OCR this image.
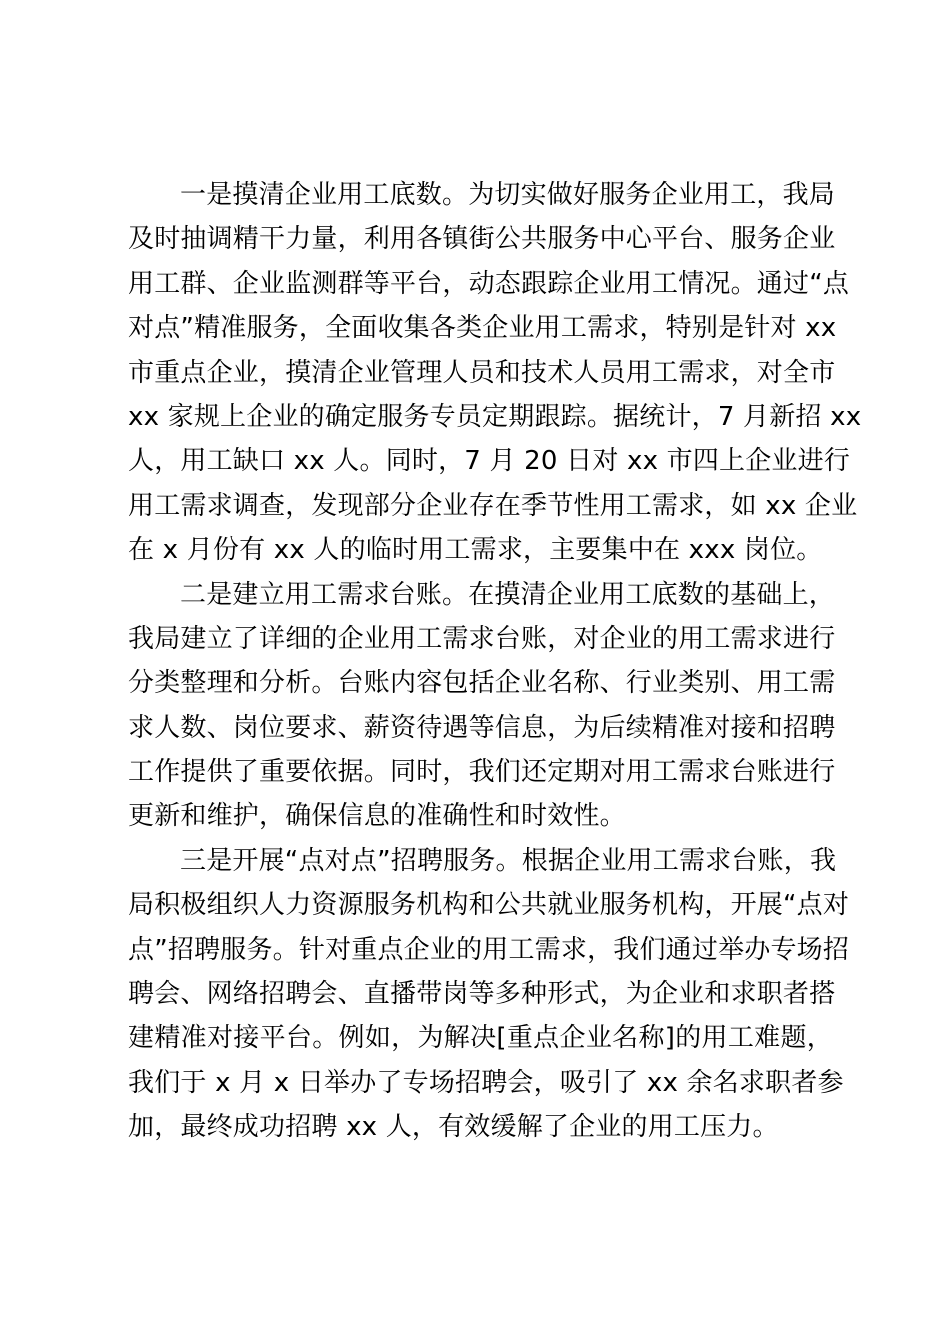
一是摸清企业用工底数。为切实做好服务企业用工，我局
及时抽调精干力量，利用各镇街公共服务中心平台、服务企业
用工群、企业监测群等平台，动态跟踪企业用工情况。通过“点
对点”精准服务，全面收集各类企业用工需求，特别是针对 xx
市重点企业，摸清企业管理人员和技术人员用工需求，对全市
xx 家规上企业的确定服务专员定期跟踪。据统计，7 月新招 xx
人，用工缺口 xx 人。同时，7 月 20 日对 xx 市四上企业进行
用工需求调查，发现部分企业存在季节性用工需求，如 xx 企业
在 x 月份有 xx 人的临时用工需求，主要集中在 xxx 岗位。
二是建立用工需求台账。在摸清企业用工底数的基础上，
我局建立了详细的企业用工需求台账，对企业的用工需求进行
分类整理和分析。台账内容包括企业名称、行业类别、用工需
求人数、岗位要求、薪资待遇等信息，为后续精准对接和招聘
工作提供了重要依据。同时，我们还定期对用工需求台账进行
更新和维护，确保信息的准确性和时效性。
三是开展“点对点”招聘服务。根据企业用工需求台账，我
局积极组织人力资源服务机构和公共就业服务机构，开展“点对
点”招聘服务。针对重点企业的用工需求，我们通过举办专场招
聘会、网络招聘会、直播带岗等多种形式，为企业和求职者搭
建精准对接平台。例如，为解决[重点企业名称]的用工难题，
我们于 x 月 x 日举办了专场招聘会，吸引了 xx 余名求职者参
加，最终成功招聘 xx 人，有效缓解了企业的用工压力。
